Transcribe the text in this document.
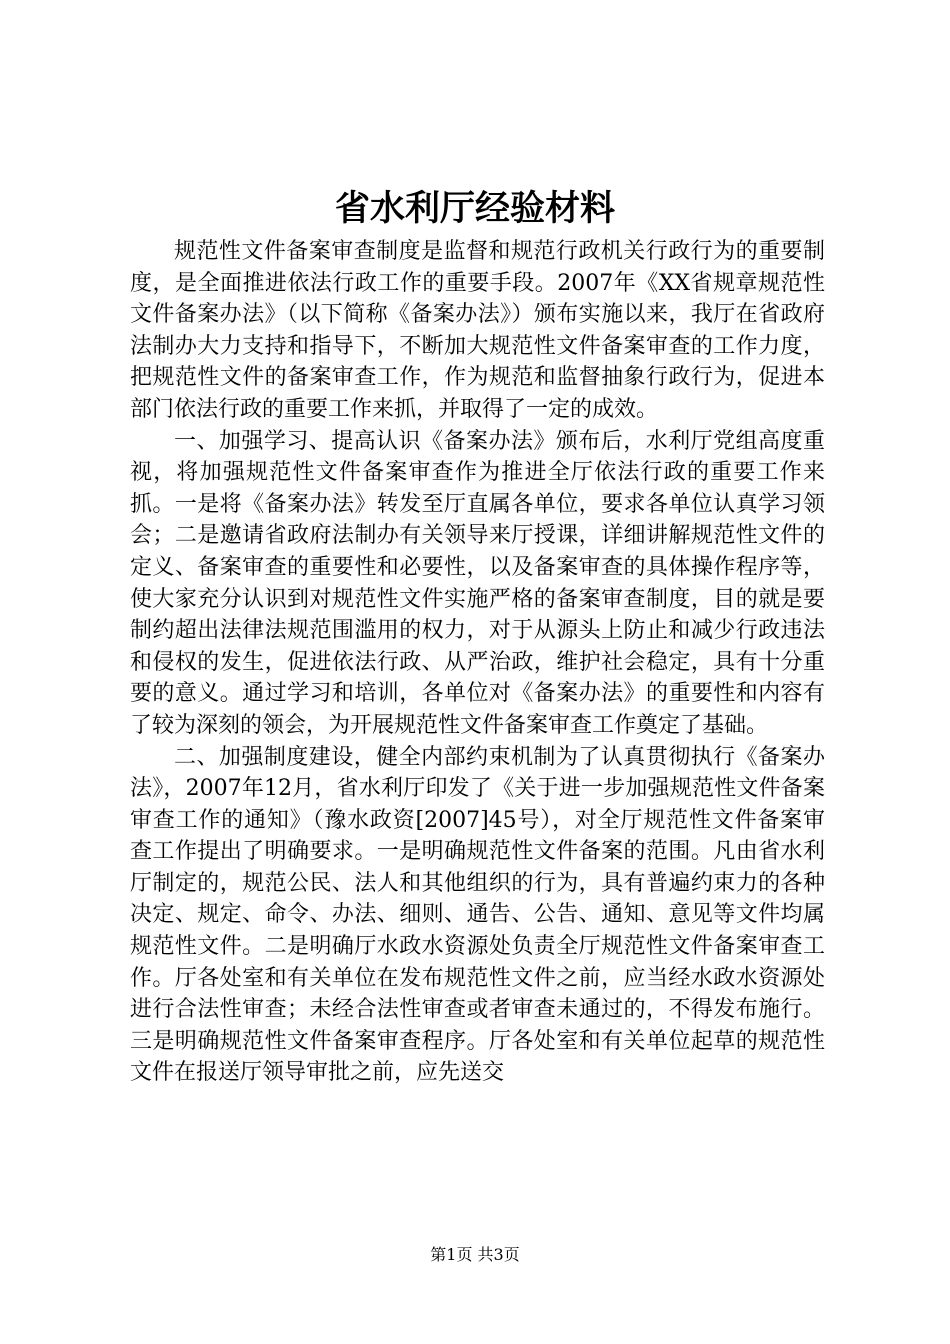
省水利厅经验材料

规范性文件备案审查制度是监督和规范行政机关行政行为的重要制度，是全面推进依法行政工作的重要手段。2007年《XX省规章规范性文件备案办法》（以下简称《备案办法》）颁布实施以来，我厅在省政府法制办大力支持和指导下，不断加大规范性文件备案审查的工作力度，把规范性文件的备案审查工作，作为规范和监督抽象行政行为，促进本部门依法行政的重要工作来抓，并取得了一定的成效。

一、加强学习、提高认识《备案办法》颁布后，水利厅党组高度重视，将加强规范性文件备案审查作为推进全厅依法行政的重要工作来抓。一是将《备案办法》转发至厅直属各单位，要求各单位认真学习领会；二是邀请省政府法制办有关领导来厅授课，详细讲解规范性文件的定义、备案审查的重要性和必要性，以及备案审查的具体操作程序等，使大家充分认识到对规范性文件实施严格的备案审查制度，目的就是要制约超出法律法规范围滥用的权力，对于从源头上防止和减少行政违法和侵权的发生，促进依法行政、从严治政，维护社会稳定，具有十分重要的意义。通过学习和培训，各单位对《备案办法》的重要性和内容有了较为深刻的领会，为开展规范性文件备案审查工作奠定了基础。

二、加强制度建设，健全内部约束机制为了认真贯彻执行《备案办法》，2007年12月，省水利厅印发了《关于进一步加强规范性文件备案审查工作的通知》（豫水政资[2007]45号），对全厅规范性文件备案审查工作提出了明确要求。一是明确规范性文件备案的范围。凡由省水利厅制定的，规范公民、法人和其他组织的行为，具有普遍约束力的各种决定、规定、命令、办法、细则、通告、公告、通知、意见等文件均属规范性文件。二是明确厅水政水资源处负责全厅规范性文件备案审查工作。厅各处室和有关单位在发布规范性文件之前，应当经水政水资源处进行合法性审查；未经合法性审查或者审查未通过的，不得发布施行。三是明确规范性文件备案审查程序。厅各处室和有关单位起草的规范性文件在报送厅领导审批之前，应先送交

第1页 共3页
